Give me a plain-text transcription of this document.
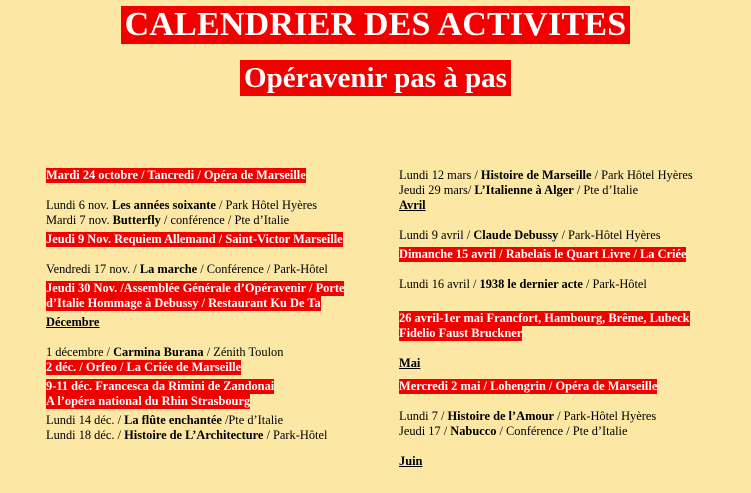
CALENDRIER DES ACTIVITES
Opéravenir pas à pas
Mardi 24 octobre / Tancredi / Opéra de Marseille
Lundi 6 nov. Les années soixante / Park Hôtel Hyères
Mardi 7 nov. Butterfly / conférence / Pte d’Italie
Jeudi 9 Nov. Requiem Allemand / Saint-Victor Marseille
Vendredi 17 nov. / La marche / Conférence / Park-Hôtel
Jeudi 30 Nov. /Assemblée Générale d’Opéravenir / Porte
d’Italie Hommage à Debussy / Restaurant Ku De Ta
Décembre
1 décembre / Carmina Burana / Zénith Toulon
2 déc. / Orfeo / La Criée de Marseille
9-11 déc. Francesca da Rimini de Zandonai
A l’opéra national du Rhin Strasbourg
Lundi 14 déc. / La flûte enchantée /Pte d’Italie
Lundi 18 déc. / Histoire de L’Architecture / Park-Hôtel
Lundi 12 mars / Histoire de Marseille / Park Hôtel Hyères
Jeudi 29 mars/ L’Italienne à Alger / Pte d’Italie
Avril
Lundi 9 avril / Claude Debussy / Park-Hôtel Hyères
Dimanche 15 avril / Rabelais le Quart Livre / La Criée
Lundi 16 avril / 1938 le dernier acte / Park-Hôtel
26 avril-1er mai Francfort, Hambourg, Brême, Lubeck
Fidelio Faust Bruckner
Mai
Mercredi 2 mai / Lohengrin / Opéra de Marseille
Lundi 7 / Histoire de l’Amour / Park-Hôtel Hyères
Jeudi 17 / Nabucco / Conférence / Pte d’Italie
Juin
